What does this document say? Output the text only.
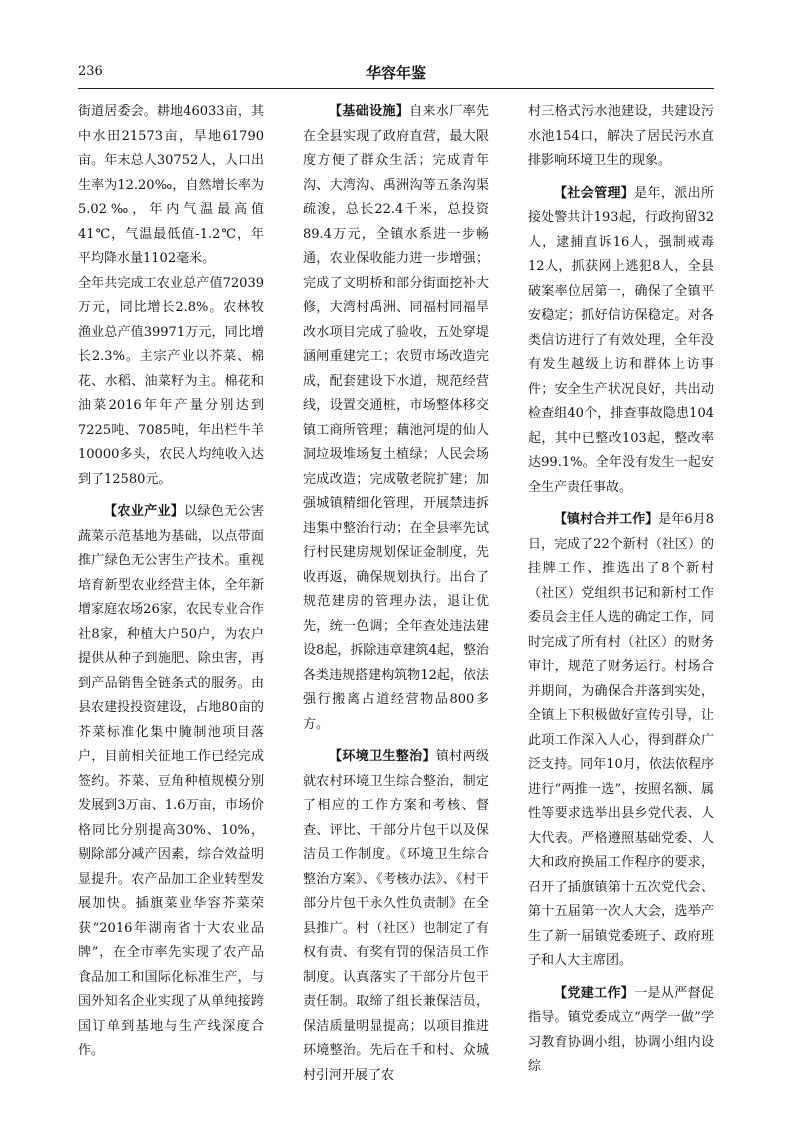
236	华容年鉴

街道居委会。耕地46033亩，其中水田21573亩，旱地61790亩。年末总人30752人，人口出生率为12.20‰，自然增长率为5.02‰，年内气温最高值41℃，气温最低值-1.2℃，年平均降水量1102毫米。

全年共完成工农业总产值72039万元，同比增长2.8%。农林牧渔业总产值39971万元，同比增长2.3%。主宗产业以芥菜、棉花、水稻、油菜籽为主。棉花和油菜2016年年产量分别达到7225吨、7085吨，年出栏牛羊10000多头，农民人均纯收入达到了12580元。

【农业产业】以绿色无公害蔬菜示范基地为基础，以点带面推广绿色无公害生产技术。重视培育新型农业经营主体，全年新增家庭农场26家，农民专业合作社8家，种植大户50户，为农户提供从种子到施肥、除虫害，再到产品销售全链条式的服务。由县农建投投资建设，占地80亩的芥菜标准化集中腌制池项目落户，目前相关征地工作已经完成签约。芥菜、豆角种植规模分别发展到3万亩、1.6万亩，市场价格同比分别提高30%、10%，剔除部分减产因素，综合效益明显提升。农产品加工企业转型发展加快。插旗菜业华容芥菜荣获“2016年湖南省十大农业品牌”，在全市率先实现了农产品食品加工和国际化标准生产，与国外知名企业实现了从单纯接跨国订单到基地与生产线深度合作。

【基础设施】自来水厂率先在全县实现了政府直营，最大限度方便了群众生活；完成青年沟、大湾沟、禹洲沟等五条沟渠疏浚，总长22.4千米，总投资89.4万元，全镇水系进一步畅通，农业保收能力进一步增强；完成了文明桥和部分街面挖补大修，大湾村禹洲、同福村同福旱改水项目完成了验收，五处穿堤涵闸重建完工；农贸市场改造完成，配套建设下水道，规范经营线，设置交通桩，市场整体移交镇工商所管理；藕池河堤的仙人洞垃圾堆场复土植绿；人民会场完成改造；完成敬老院扩建；加强城镇精细化管理，开展禁违拆违集中整治行动；在全县率先试行村民建房规划保证金制度，先收再返，确保规划执行。出台了规范建房的管理办法，退让优先，统一色调；全年查处违法建设8起，拆除违章建筑4起，整治各类违规搭建构筑物12起，依法强行搬离占道经营物品800多方。

【环境卫生整治】镇村两级就农村环境卫生综合整治，制定了相应的工作方案和考核、督查、评比、干部分片包干以及保洁员工作制度。《环境卫生综合整治方案》、《考核办法》、《村干部分片包干永久性负责制》在全县推广。村（社区）也制定了有权有责、有奖有罚的保洁员工作制度。认真落实了干部分片包干责任制。取缔了组长兼保洁员，保洁质量明显提高；以项目推进环境整治。先后在千和村、众城村引河开展了农

村三格式污水池建设，共建设污水池154口，解决了居民污水直排影响环境卫生的现象。

【社会管理】是年，派出所接处警共计193起，行政拘留32人，逮捕直诉16人，强制戒毒12人，抓获网上逃犯8人，全县破案率位居第一，确保了全镇平安稳定；抓好信访保稳定。对各类信访进行了有效处理，全年没有发生越级上访和群体上访事件；安全生产状况良好，共出动检查组40个，排查事故隐患104起，其中已整改103起，整改率达99.1%。全年没有发生一起安全生产责任事故。

【镇村合并工作】是年6月8日，完成了22个新村（社区）的挂牌工作、推选出了8个新村（社区）党组织书记和新村工作委员会主任人选的确定工作，同时完成了所有村（社区）的财务审计，规范了财务运行。村场合并期间，为确保合并落到实处，全镇上下积极做好宣传引导，让此项工作深入人心，得到群众广泛支持。同年10月，依法依程序进行“两推一选”，按照名额、属性等要求选举出县乡党代表、人大代表。严格遵照基础党委、人大和政府换届工作程序的要求，召开了插旗镇第十五次党代会、第十五届第一次人大会，选举产生了新一届镇党委班子、政府班子和人大主席团。

【党建工作】一是从严督促指导。镇党委成立“两学一做”学习教育协调小组，协调小组内设综
